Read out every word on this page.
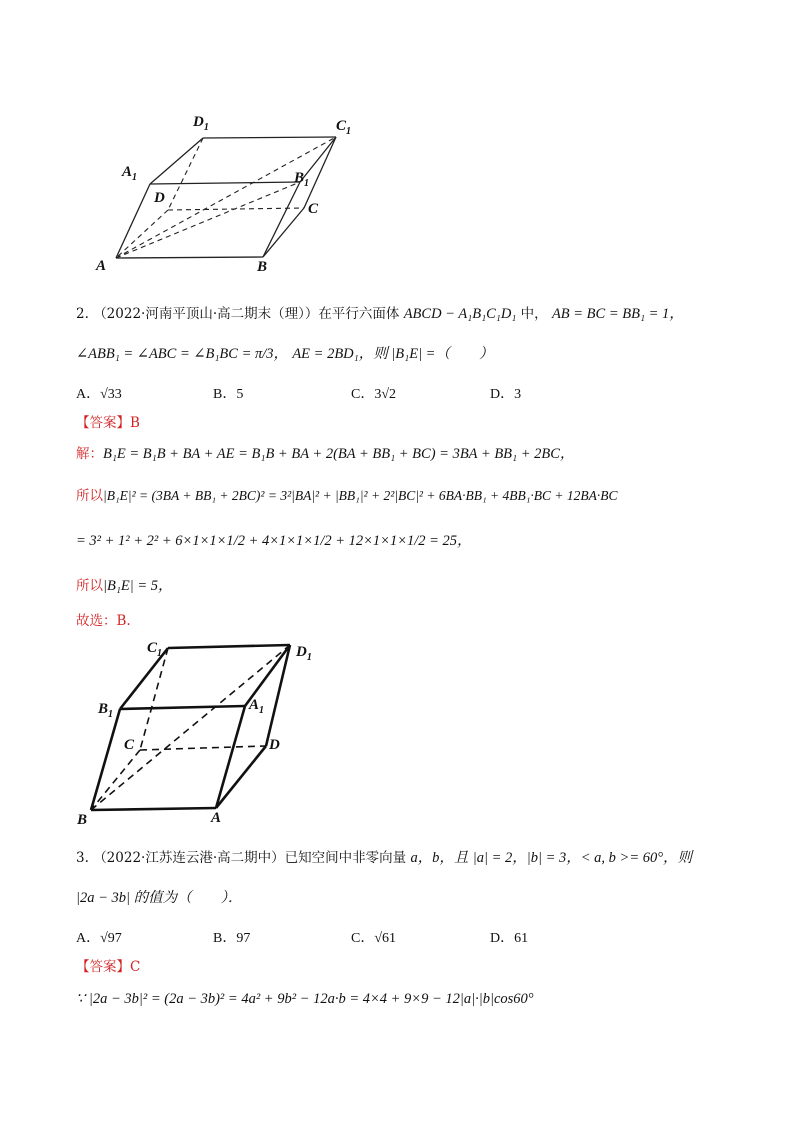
$D_1$	$C_1$
$A_1$	$B_1$
D
C
A	B
2. （2022·河南平顶山·高二期末（理））在平行六面体 ABCD − A₁B₁C₁D₁ 中， AB = BC = BB₁ = 1，
∠ABB₁ = ∠ABC = ∠B₁BC = π/3， AE = 2BD₁，则 |B₁E| =（　　）
A．√33	B．5	C．3√2	D．3
【答案】B
解：B₁E = B₁B + BA + AE = B₁B + BA + 2(BA + BB₁ + BC) = 3BA + BB₁ + 2BC，
所以|B₁E|² = (3BA + BB₁ + 2BC)² = 3²|BA|² + |BB₁|² + 2²|BC|² + 6BA·BB₁ + 4BB₁·BC + 12BA·BC
= 3² + 1² + 2² + 6×1×1×1/2 + 4×1×1×1/2 + 12×1×1×1/2 = 25，
所以|B₁E| = 5，
故选：B.
$C_1$	$D_1$
$B_1$
$A_1$
C	D
B	A
3. （2022·江苏连云港·高二期中）已知空间中非零向量 a，b，且 |a| = 2，|b| = 3，< a, b >= 60°，则
|2a − 3b| 的值为（　　）．
A．√97	B．97	C．√61	D．61
【答案】C
∵ |2a − 3b|² = (2a − 3b)² = 4a² + 9b² − 12a·b = 4×4 + 9×9 − 12|a|·|b|cos60°
